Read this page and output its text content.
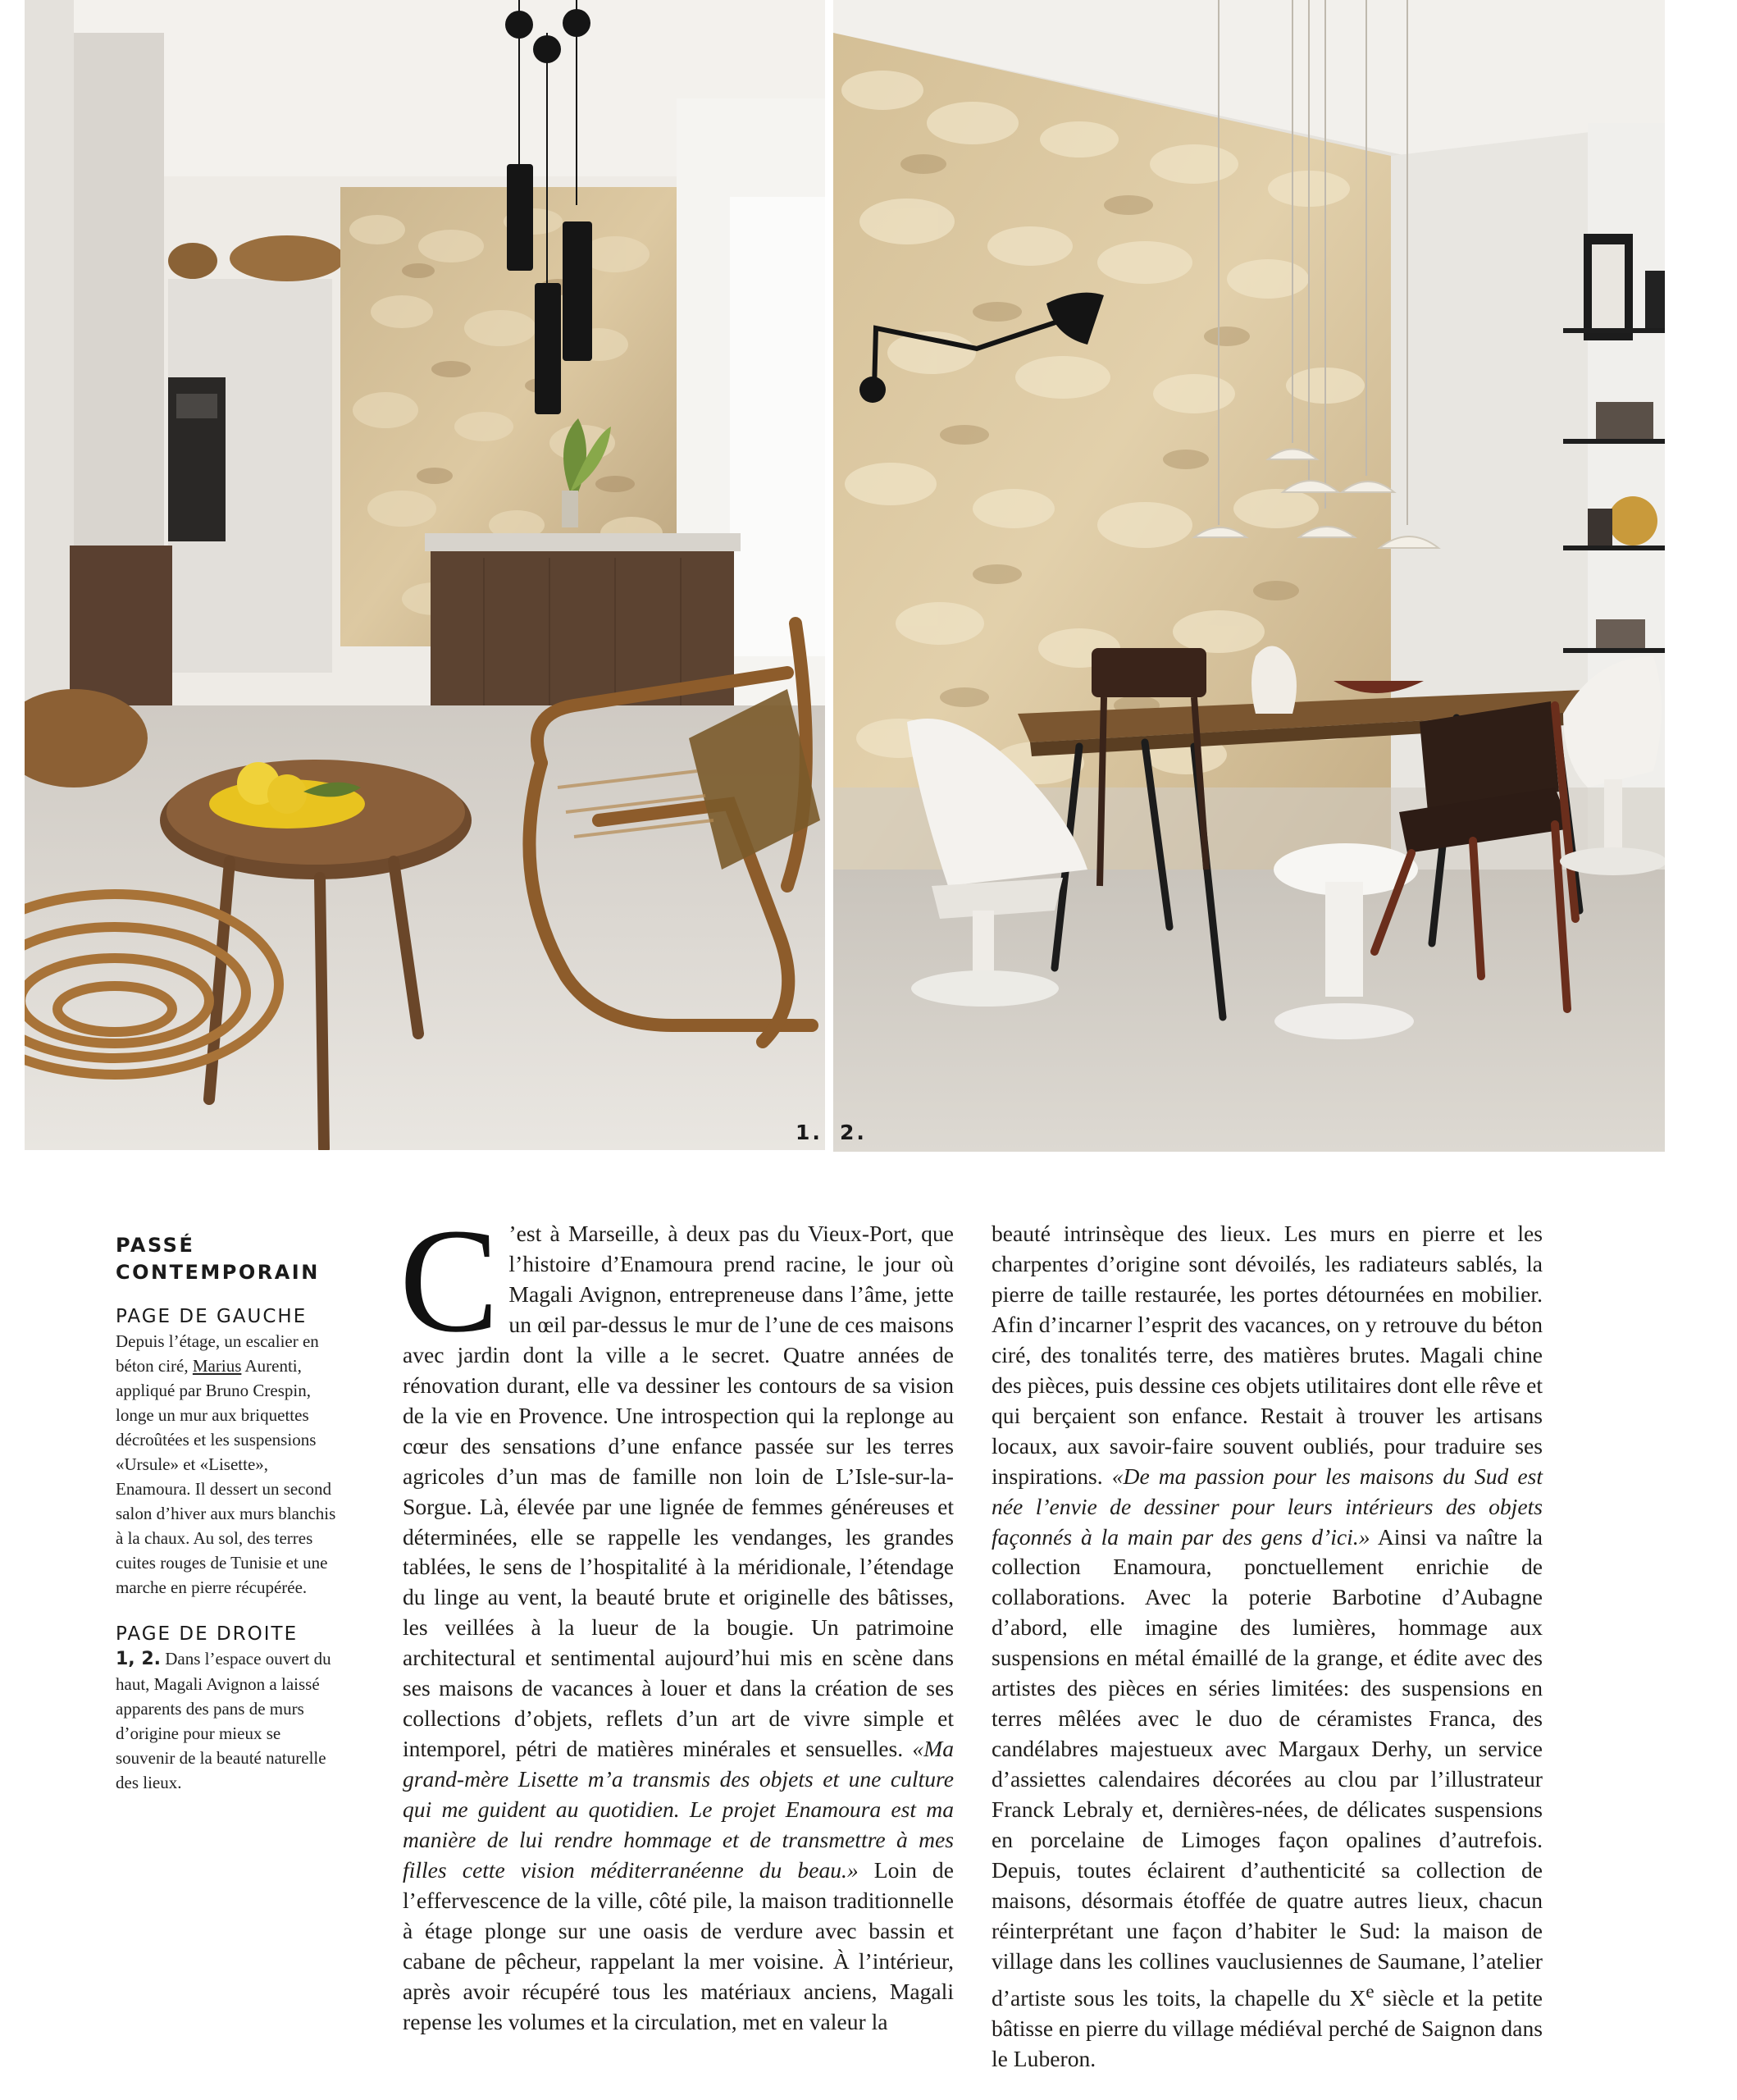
1. 2.
PASSÉ
CONTEMPORAIN

PAGE DE GAUCHE

Depuis l’étage, un escalier en béton ciré, Marius Aurenti, appliqué par Bruno Crespin, longe un mur aux briquettes décroûtées et les suspensions «Ursule» et «Lisette», Enamoura. Il dessert un second salon d’hiver aux murs blanchis à la chaux. Au sol, des terres cuites rouges de Tunisie et une marche en pierre récupérée.

PAGE DE DROITE

1, 2. Dans l’espace ouvert du haut, Magali Avignon a laissé apparents des pans de murs d’origine pour mieux se souvenir de la beauté naturelle des lieux.

C ’est à Marseille, à deux pas du Vieux-Port, que l’histoire d’Enamoura prend racine, le jour où Magali Avignon, entrepreneuse dans l’âme, jette un œil par-dessus le mur de l’une de ces maisons avec jardin dont la ville a le secret. Quatre années de rénovation durant, elle va dessiner les contours de sa vision de la vie en Provence. Une introspection qui la replonge au cœur des sensations d’une enfance passée sur les terres agricoles d’un mas de famille non loin de L’Isle-sur-la-Sorgue. Là, élevée par une lignée de femmes généreuses et déterminées, elle se rappelle les vendanges, les grandes tablées, le sens de l’hospitalité à la méridionale, l’étendage du linge au vent, la beauté brute et originelle des bâtisses, les veillées à la lueur de la bougie. Un patrimoine architectural et sentimental aujourd’hui mis en scène dans ses maisons de vacances à louer et dans la création de ses collections d’objets, reflets d’un art de vivre simple et intemporel, pétri de matières minérales et sensuelles. «Ma grand-mère Lisette m’a transmis des objets et une culture qui me guident au quotidien. Le projet Enamoura est ma manière de lui rendre hommage et de transmettre à mes filles cette vision méditerranéenne du beau.» Loin de l’effervescence de la ville, côté pile, la maison traditionnelle à étage plonge sur une oasis de verdure avec bassin et cabane de pêcheur, rappelant la mer voisine. À l’intérieur, après avoir récupéré tous les matériaux anciens, Magali repense les volumes et la circulation, met en valeur la

beauté intrinsèque des lieux. Les murs en pierre et les charpentes d’origine sont dévoilés, les radiateurs sablés, la pierre de taille restaurée, les portes détournées en mobilier. Afin d’incarner l’esprit des vacances, on y retrouve du béton ciré, des tonalités terre, des matières brutes. Magali chine des pièces, puis dessine ces objets utilitaires dont elle rêve et qui berçaient son enfance. Restait à trouver les artisans locaux, aux savoir-faire souvent oubliés, pour traduire ses inspirations. «De ma passion pour les maisons du Sud est née l’envie de dessiner pour leurs intérieurs des objets façonnés à la main par des gens d’ici.» Ainsi va naître la collection Enamoura, ponctuellement enrichie de collaborations. Avec la poterie Barbotine d’Aubagne d’abord, elle imagine des lumières, hommage aux suspensions en métal émaillé de la grange, et édite avec des artistes des pièces en séries limitées: des suspensions en terres mêlées avec le duo de céramistes Franca, des candélabres majestueux avec Margaux Derhy, un service d’assiettes calendaires décorées au clou par l’illustrateur Franck Lebraly et, dernières-nées, de délicates suspensions en porcelaine de Limoges façon opalines d’autrefois. Depuis, toutes éclairent d’authenticité sa collection de maisons, désormais étoffée de quatre autres lieux, chacun réinterprétant une façon d’habiter le Sud: la maison de village dans les collines vauclusiennes de Saumane, l’atelier d’artiste sous les toits, la chapelle du Xe siècle et la petite bâtisse en pierre du village médiéval perché de Saignon dans le Luberon.
